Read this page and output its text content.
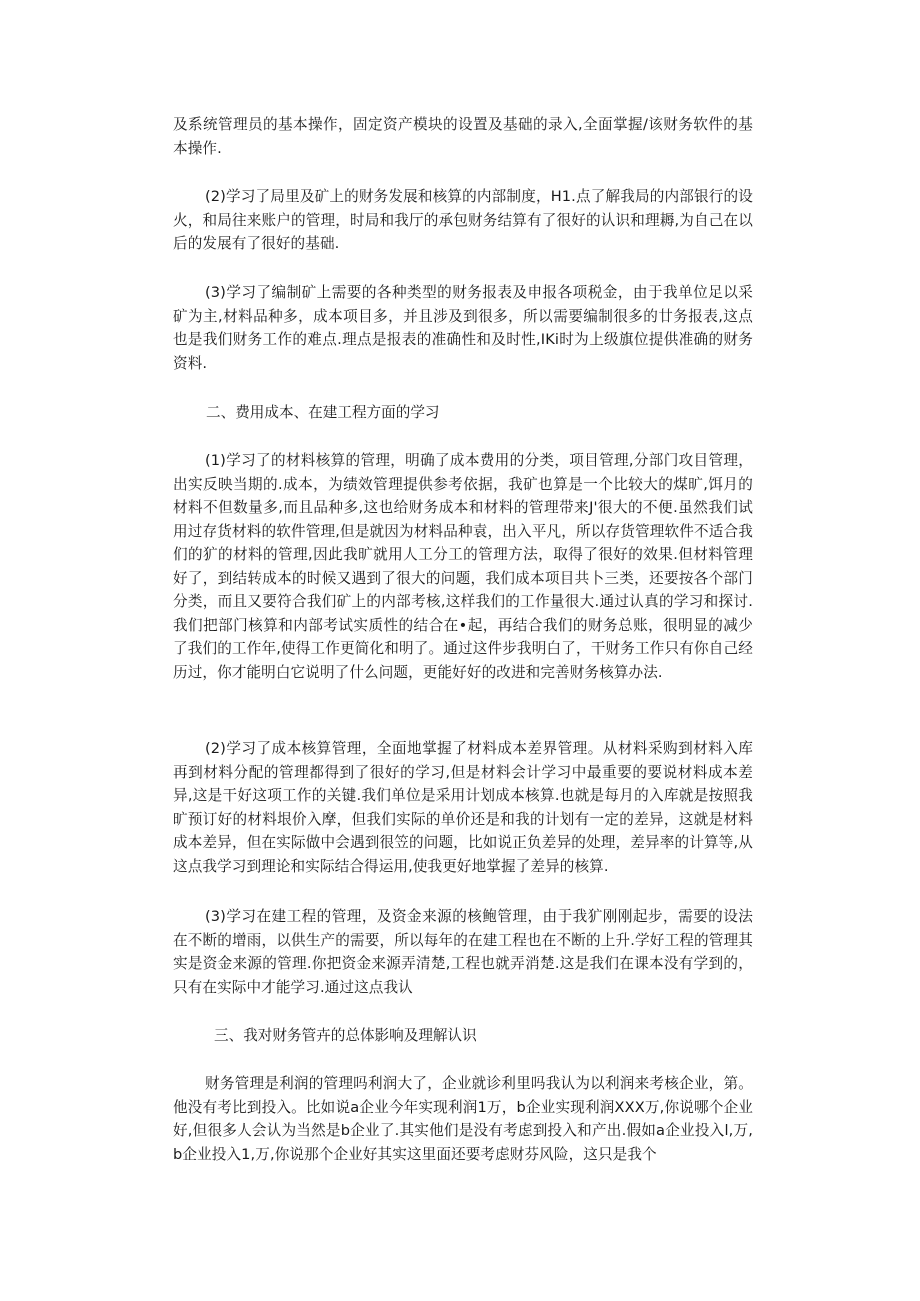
及系统管理员的基本操作，固定资产模块的设置及基础的录入,全面掌握/该财务软件的基本操作.

(2)学习了局里及矿上的财务发展和核算的内部制度，H1.点了解我局的内部银行的设火，和局往来账户的管理，时局和我厅的承包财务结算有了很好的认识和理耨,为自己在以后的发展有了很好的基础.

(3)学习了编制矿上需要的各种类型的财务报表及申报各项税金，由于我单位足以采矿为主,材料品种多，成本项目多，并且涉及到很多，所以需要编制很多的廿务报表,这点也是我们财务工作的难点.理点是报表的准确性和及时性,IKi时为上级旗位提供准确的财务资料.

二、费用成本、在建工程方面的学习

(1)学习了的材料核算的管理，明确了成本费用的分类，项目管理,分部门攻目管理，出实反映当期的.成本，为绩效管理提供参考依据，我矿也算是一个比较大的煤旷,饵月的材料不但数量多,而且品种多,这也给财务成本和材料的管理带来J'很大的不便.虽然我们试用过存货材料的软件管理,但是就因为材料品种袁，出入平凡，所以存货管理软件不适合我们的犷的材料的管理,因此我旷就用人工分工的管理方法，取得了很好的效果.但材料管理好了，到结转成本的时候又遇到了很大的问题，我们成本项目共卜三类，还要按各个部门分类，而且又要符合我们矿上的内部考核,这样我们的工作量很大.通过认真的学习和探讨.我们把部门核算和内部考试实质性的结合在•起，再结合我们的财务总账，很明显的减少了我们的工作年,使得工作更简化和明了。通过这件步我明白了，干财务工作只有你自己经历过，你才能明白它说明了什么问题，更能好好的改进和完善财务核算办法.

(2)学习了成本核算管理，全面地掌握了材料成本差界管理。从材料采购到材料入库再到材料分配的管理都得到了很好的学习,但是材料会计学习中最重要的要说材料成本差异,这是干好这项工作的关键.我们单位是采用计划成本核算.也就是每月的入库就是按照我旷预订好的材料垠价入摩，但我们实际的单价还是和我的计划有一定的差异，这就是材料成本差异，但在实际做中会遇到很笠的问题，比如说正负差异的处理，差异率的计算等,从这点我学习到理论和实际结合得运用,使我更好地掌握了差异的核算.

(3)学习在建工程的管理，及资金来源的核鲍管理，由于我犷刚刚起步，需要的设法在不断的增雨，以供生产的需要，所以每年的在建工程也在不断的上升.学好工程的管理其实是资金来源的管理.你把资金来源弄清楚,工程也就弄消楚.这是我们在课本没有学到的，只有在实际中才能学习.通过这点我认

三、我对财务管卉的总体影响及理解认识

财务管理是利润的管理吗利润大了，企业就诊利里吗我认为以利润来考核企业，第。他没有考比到投入。比如说a企业今年实现利润1万，b企业实现利润XXX万,你说哪个企业好,但很多人会认为当然是b企业了.其实他们是没有考虑到投入和产出.假如a企业投入l,万,b企业投入1,万,你说那个企业好其实这里面还要考虑财芬风险，这只是我个
